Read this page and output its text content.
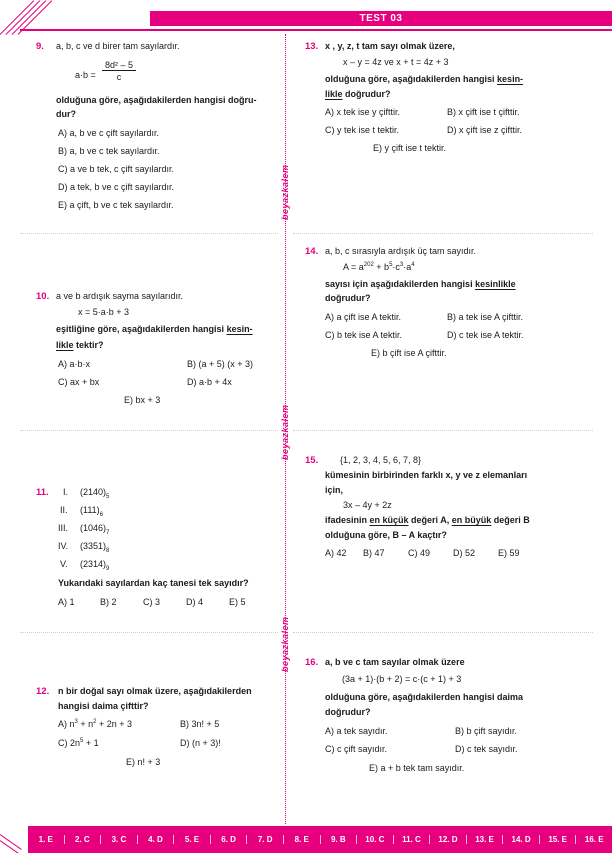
TEST 03
beyazkalem
beyazkalem
beyazkalem
9. a, b, c ve d birer tam sayılardır.
$a\cdot b = \frac{\text{8d² – 5}}{c}$
olduğuna göre, aşağıdakilerden hangisi doğru-
dur?
A) a, b ve c çift sayılardır.
B) a, b ve c tek sayılardır.
C) a ve b tek, c çift sayılardır.
D) a tek, b ve c çift sayılardır.
E) a çift, b ve c tek sayılardır.
10. a ve b ardışık sayma sayılarıdır.
x = 5·a·b + 3
eşitliğine göre, aşağıdakilerden hangisi kesin-
likle tektir?
A) a·b·x	B) (a + 5) (x + 3)
C) ax + bx	D) a·b + 4x
E) bx + 3
11. I. $(2140)_5$
II. $(111)_6$
III. $(1046)_7$
IV. $(3351)_8$
V. $(2314)_9$
Yukarıdaki sayılardan kaç tanesi tek sayıdır?
A) 1	B) 2	C) 3	D) 4	E) 5
12. n bir doğal sayı olmak üzere, aşağıdakilerden
hangisi daima çifttir?
A) $n^3 + n^2 + 2n + 3$	B) 3n! + 5
C) $2n^5 + 1$	D) (n + 3)!
E) n! + 3
13. x , y, z, t tam sayı olmak üzere,
x – y = 4z ve x + t = 4z + 3
olduğuna göre, aşağıdakilerden hangisi kesin-
likle doğrudur?
A) x tek ise y çifttir.	B) x çift ise t çifttir.
C) y tek ise t tektir.	D) x çift ise z çifttir.
E) y çift ise t tektir.
14. a, b, c sırasıyla ardışık üç tam sayıdır.
$A = a^{202} + b^5\cdot c^3\cdot a^4$
sayısı için aşağıdakilerden hangisi kesinlikle
doğrudur?
A) a çift ise A tektir.	B) a tek ise A çifttir.
C) b tek ise A tektir.	D) c tek ise A tektir.
E) b çift ise A çifttir.
15. {1, 2, 3, 4, 5, 6, 7, 8}
kümesinin birbirinden farklı x, y ve z elemanları
için,
3x – 4y + 2z
ifadesinin en küçük değeri A, en büyük değeri B
olduğuna göre, B – A kaçtır?
A) 42 B) 47	C) 49	D) 52	E) 59
16. a, b ve c tam sayılar olmak üzere
(3a + 1)·(b + 2) = c·(c + 1) + 3
olduğuna göre, aşağıdakilerden hangisi daima
doğrudur?
A) a tek sayıdır.	B) b çift sayıdır.
C) c çift sayıdır.	D) c tek sayıdır.
E) a + b tek tam sayıdır.
1. E	2. C	3. C	4. D	5. E	6. D	7. D	8. E	9. B	10. C	11. C	12. D	13. E	14. D	15. E	16. E
